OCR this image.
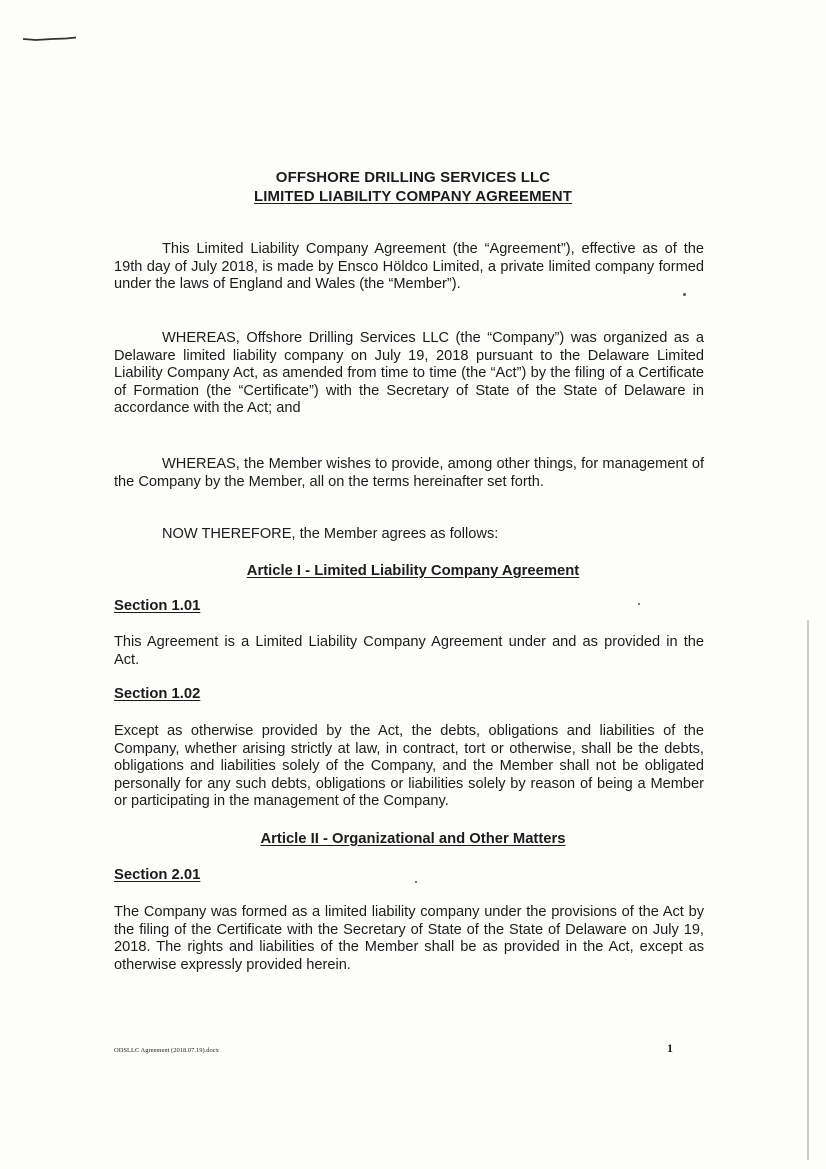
OFFSHORE DRILLING SERVICES LLC
LIMITED LIABILITY COMPANY AGREEMENT

This Limited Liability Company Agreement (the “Agreement”), effective as of the 19th day of July 2018, is made by Ensco Höldco Limited, a private limited company formed under the laws of England and Wales (the “Member”).

WHEREAS, Offshore Drilling Services LLC (the “Company”) was organized as a Delaware limited liability company on July 19, 2018 pursuant to the Delaware Limited Liability Company Act, as amended from time to time (the “Act”) by the filing of a Certificate of Formation (the “Certificate”) with the Secretary of State of the State of Delaware in accordance with the Act; and

WHEREAS, the Member wishes to provide, among other things, for management of the Company by the Member, all on the terms hereinafter set forth.

NOW THEREFORE, the Member agrees as follows:

Article I - Limited Liability Company Agreement
Section 1.01

This Agreement is a Limited Liability Company Agreement under and as provided in the Act.

Section 1.02

Except as otherwise provided by the Act, the debts, obligations and liabilities of the Company, whether arising strictly at law, in contract, tort or otherwise, shall be the debts, obligations and liabilities solely of the Company, and the Member shall not be obligated personally for any such debts, obligations or liabilities solely by reason of being a Member or participating in the management of the Company.

Article II - Organizational and Other Matters
Section 2.01

The Company was formed as a limited liability company under the provisions of the Act by the filing of the Certificate with the Secretary of State of the State of Delaware on July 19, 2018. The rights and liabilities of the Member shall be as provided in the Act, except as otherwise expressly provided herein.

ODSLLC Agreement (2018.07.19).docx	1
